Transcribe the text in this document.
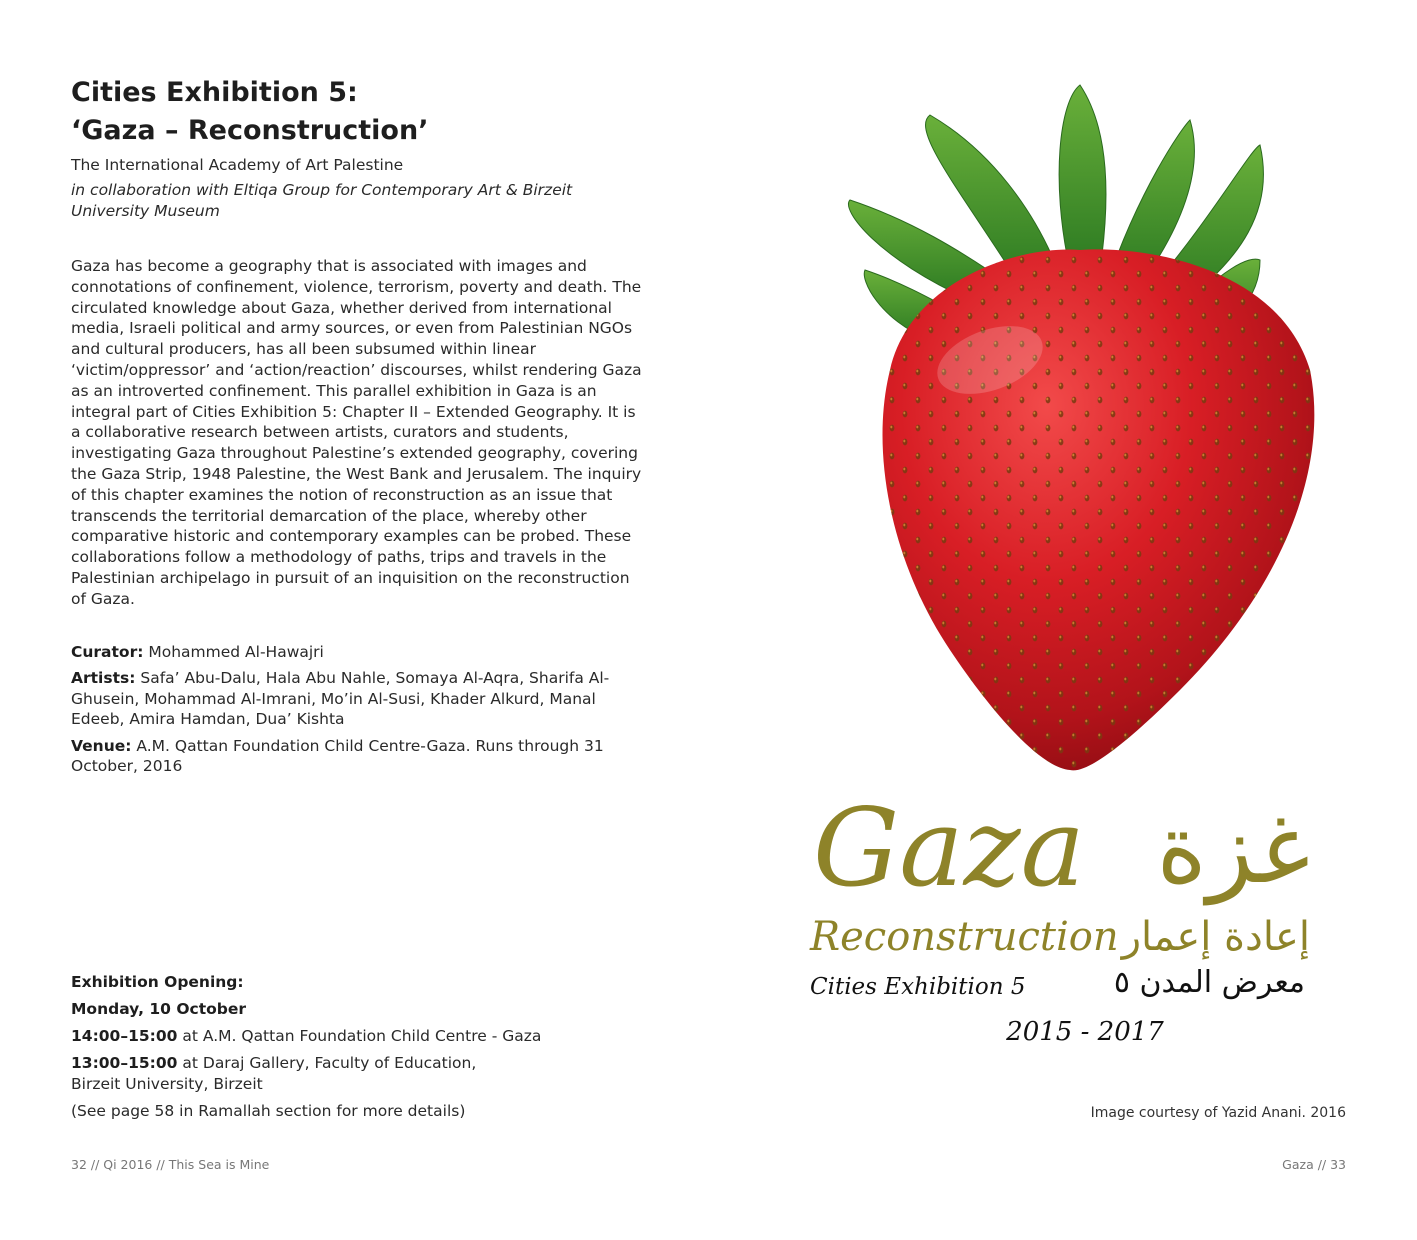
Cities Exhibition 5:
‘Gaza – Reconstruction’

The International Academy of Art Palestine

in collaboration with Eltiqa Group for Contemporary Art & Birzeit University Museum

Gaza has become a geography that is associated with images and connotations of confinement, violence, terrorism, poverty and death. The circulated knowledge about Gaza, whether derived from international media, Israeli political and army sources, or even from Palestinian NGOs and cultural producers, has all been subsumed within linear ‘victim/oppressor’ and ‘action/reaction’ discourses, whilst rendering Gaza as an introverted confinement. This parallel exhibition in Gaza is an integral part of Cities Exhibition 5: Chapter II – Extended Geography. It is a collaborative research between artists, curators and students, investigating Gaza throughout Palestine’s extended geography, covering the Gaza Strip, 1948 Palestine, the West Bank and Jerusalem. The inquiry of this chapter examines the notion of reconstruction as an issue that transcends the territorial demarcation of the place, whereby other comparative historic and contemporary examples can be probed. These collaborations follow a methodology of paths, trips and travels in the Palestinian archipelago in pursuit of an inquisition on the reconstruction of Gaza.

Curator: Mohammed Al-Hawajri

Artists: Safa’ Abu-Dalu, Hala Abu Nahle, Somaya Al-Aqra, Sharifa Al-Ghusein, Mohammad Al-Imrani, Mo’in Al-Susi, Khader Alkurd, Manal Edeeb, Amira Hamdan, Dua’ Kishta

Venue: A.M. Qattan Foundation Child Centre-Gaza. Runs through 31 October, 2016

Exhibition Opening:

Monday, 10 October

14:00–15:00 at A.M. Qattan Foundation Child Centre - Gaza

13:00–15:00 at Daraj Gallery, Faculty of Education,
Birzeit University, Birzeit

(See page 58 in Ramallah section for more details)

32 // Qi 2016 // This Sea is Mine
Gaza غزة
Reconstruction إعادة إعمار
Cities Exhibition 5	معرض المدن ٥
2015 - 2017
Image courtesy of Yazid Anani. 2016
Gaza // 33
